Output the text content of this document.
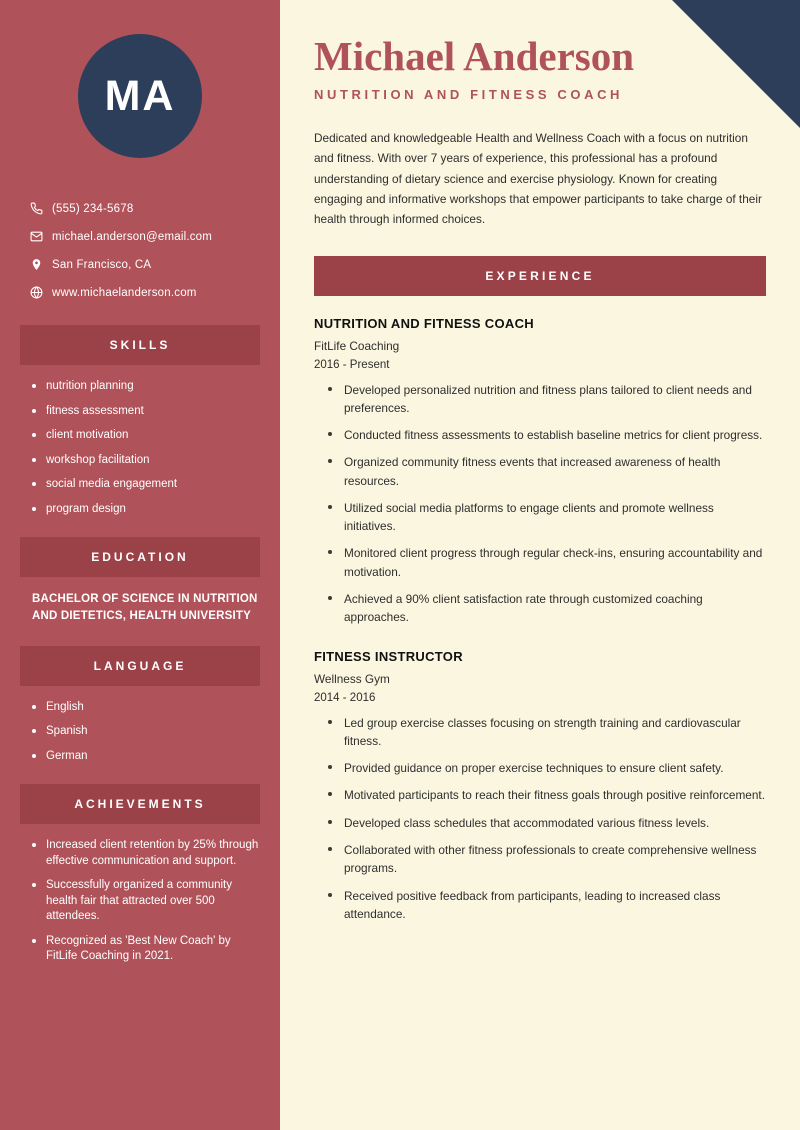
MA
(555) 234-5678
michael.anderson@email.com
San Francisco, CA
www.michaelanderson.com
SKILLS
nutrition planning
fitness assessment
client motivation
workshop facilitation
social media engagement
program design
EDUCATION
BACHELOR OF SCIENCE IN NUTRITION AND DIETETICS, HEALTH UNIVERSITY
LANGUAGE
English
Spanish
German
ACHIEVEMENTS
Increased client retention by 25% through effective communication and support.
Successfully organized a community health fair that attracted over 500 attendees.
Recognized as 'Best New Coach' by FitLife Coaching in 2021.
Michael Anderson
NUTRITION AND FITNESS COACH

Dedicated and knowledgeable Health and Wellness Coach with a focus on nutrition and fitness. With over 7 years of experience, this professional has a profound understanding of dietary science and exercise physiology. Known for creating engaging and informative workshops that empower participants to take charge of their health through informed choices.

EXPERIENCE
NUTRITION AND FITNESS COACH
FitLife Coaching
2016 - Present
Developed personalized nutrition and fitness plans tailored to client needs and preferences.
Conducted fitness assessments to establish baseline metrics for client progress.
Organized community fitness events that increased awareness of health resources.
Utilized social media platforms to engage clients and promote wellness initiatives.
Monitored client progress through regular check-ins, ensuring accountability and motivation.
Achieved a 90% client satisfaction rate through customized coaching approaches.
FITNESS INSTRUCTOR
Wellness Gym
2014 - 2016
Led group exercise classes focusing on strength training and cardiovascular fitness.
Provided guidance on proper exercise techniques to ensure client safety.
Motivated participants to reach their fitness goals through positive reinforcement.
Developed class schedules that accommodated various fitness levels.
Collaborated with other fitness professionals to create comprehensive wellness programs.
Received positive feedback from participants, leading to increased class attendance.
